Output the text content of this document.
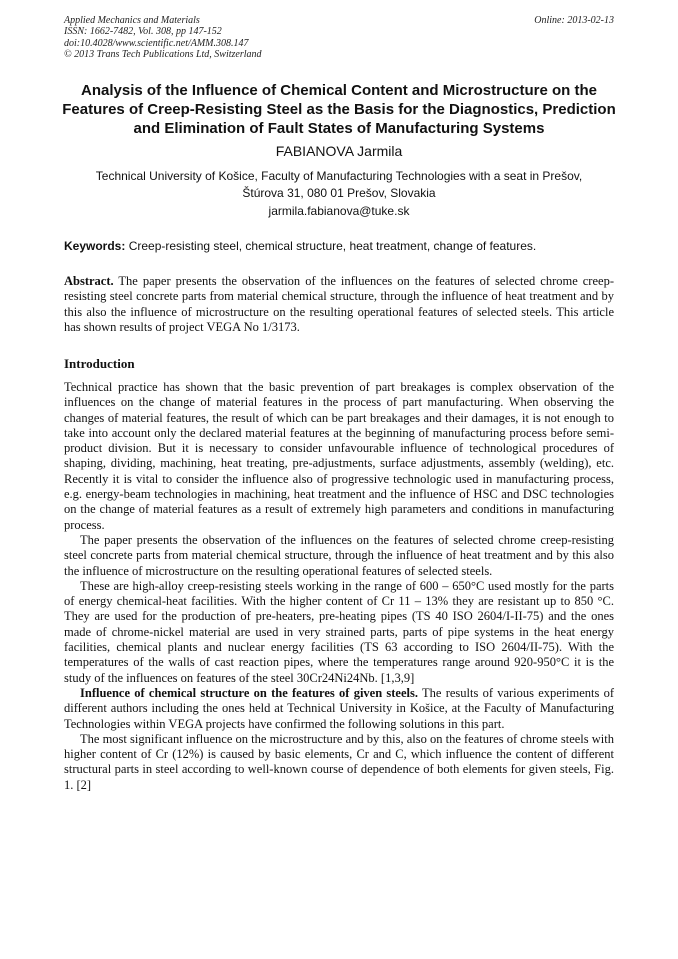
Applied Mechanics and Materials
ISSN: 1662-7482, Vol. 308, pp 147-152
doi:10.4028/www.scientific.net/AMM.308.147
© 2013 Trans Tech Publications Ltd, Switzerland
Online: 2013-02-13
Analysis of the Influence of Chemical Content and Microstructure on the Features of Creep-Resisting Steel as the Basis for the Diagnostics, Prediction and Elimination of Fault States of Manufacturing Systems
FABIANOVA Jarmila
Technical University of Košice, Faculty of Manufacturing Technologies with a seat in Prešov,
Štúrova 31, 080 01 Prešov, Slovakia
jarmila.fabianova@tuke.sk
Keywords: Creep-resisting steel, chemical structure, heat treatment, change of features.

Abstract. The paper presents the observation of the influences on the features of selected chrome creep-resisting steel concrete parts from material chemical structure, through the influence of heat treatment and by this also the influence of microstructure on the resulting operational features of selected steels. This article has shown results of project VEGA No 1/3173.

Introduction

Technical practice has shown that the basic prevention of part breakages is complex observation of the influences on the change of material features in the process of part manufacturing. When observing the changes of material features, the result of which can be part breakages and their damages, it is not enough to take into account only the declared material features at the beginning of manufacturing process before semi-product division. But it is necessary to consider unfavourable influence of technological procedures of shaping, dividing, machining, heat treating, pre-adjustments, surface adjustments, assembly (welding), etc. Recently it is vital to consider the influence also of progressive technologic used in manufacturing process, e.g. energy-beam technologies in machining, heat treatment and the influence of HSC and DSC technologies on the change of material features as a result of extremely high parameters and conditions in manufacturing process.

The paper presents the observation of the influences on the features of selected chrome creep-resisting steel concrete parts from material chemical structure, through the influence of heat treatment and by this also the influence of microstructure on the resulting operational features of selected steels.

These are high-alloy creep-resisting steels working in the range of 600 – 650°C used mostly for the parts of energy chemical-heat facilities. With the higher content of Cr 11 – 13% they are resistant up to 850 °C. They are used for the production of pre-heaters, pre-heating pipes (TS 40 ISO 2604/I-II-75) and the ones made of chrome-nickel material are used in very strained parts, parts of pipe systems in the heat energy facilities, chemical plants and nuclear energy facilities (TS 63 according to ISO 2604/II-75). With the temperatures of the walls of cast reaction pipes, where the temperatures range around 920-950°C it is the study of the influences on features of the steel 30Cr24Ni24Nb. [1,3,9]

Influence of chemical structure on the features of given steels. The results of various experiments of different authors including the ones held at Technical University in Košice, at the Faculty of Manufacturing Technologies within VEGA projects have confirmed the following solutions in this part.

The most significant influence on the microstructure and by this, also on the features of chrome steels with higher content of Cr (12%) is caused by basic elements, Cr and C, which influence the content of different structural parts in steel according to well-known course of dependence of both elements for given steels, Fig. 1. [2]
